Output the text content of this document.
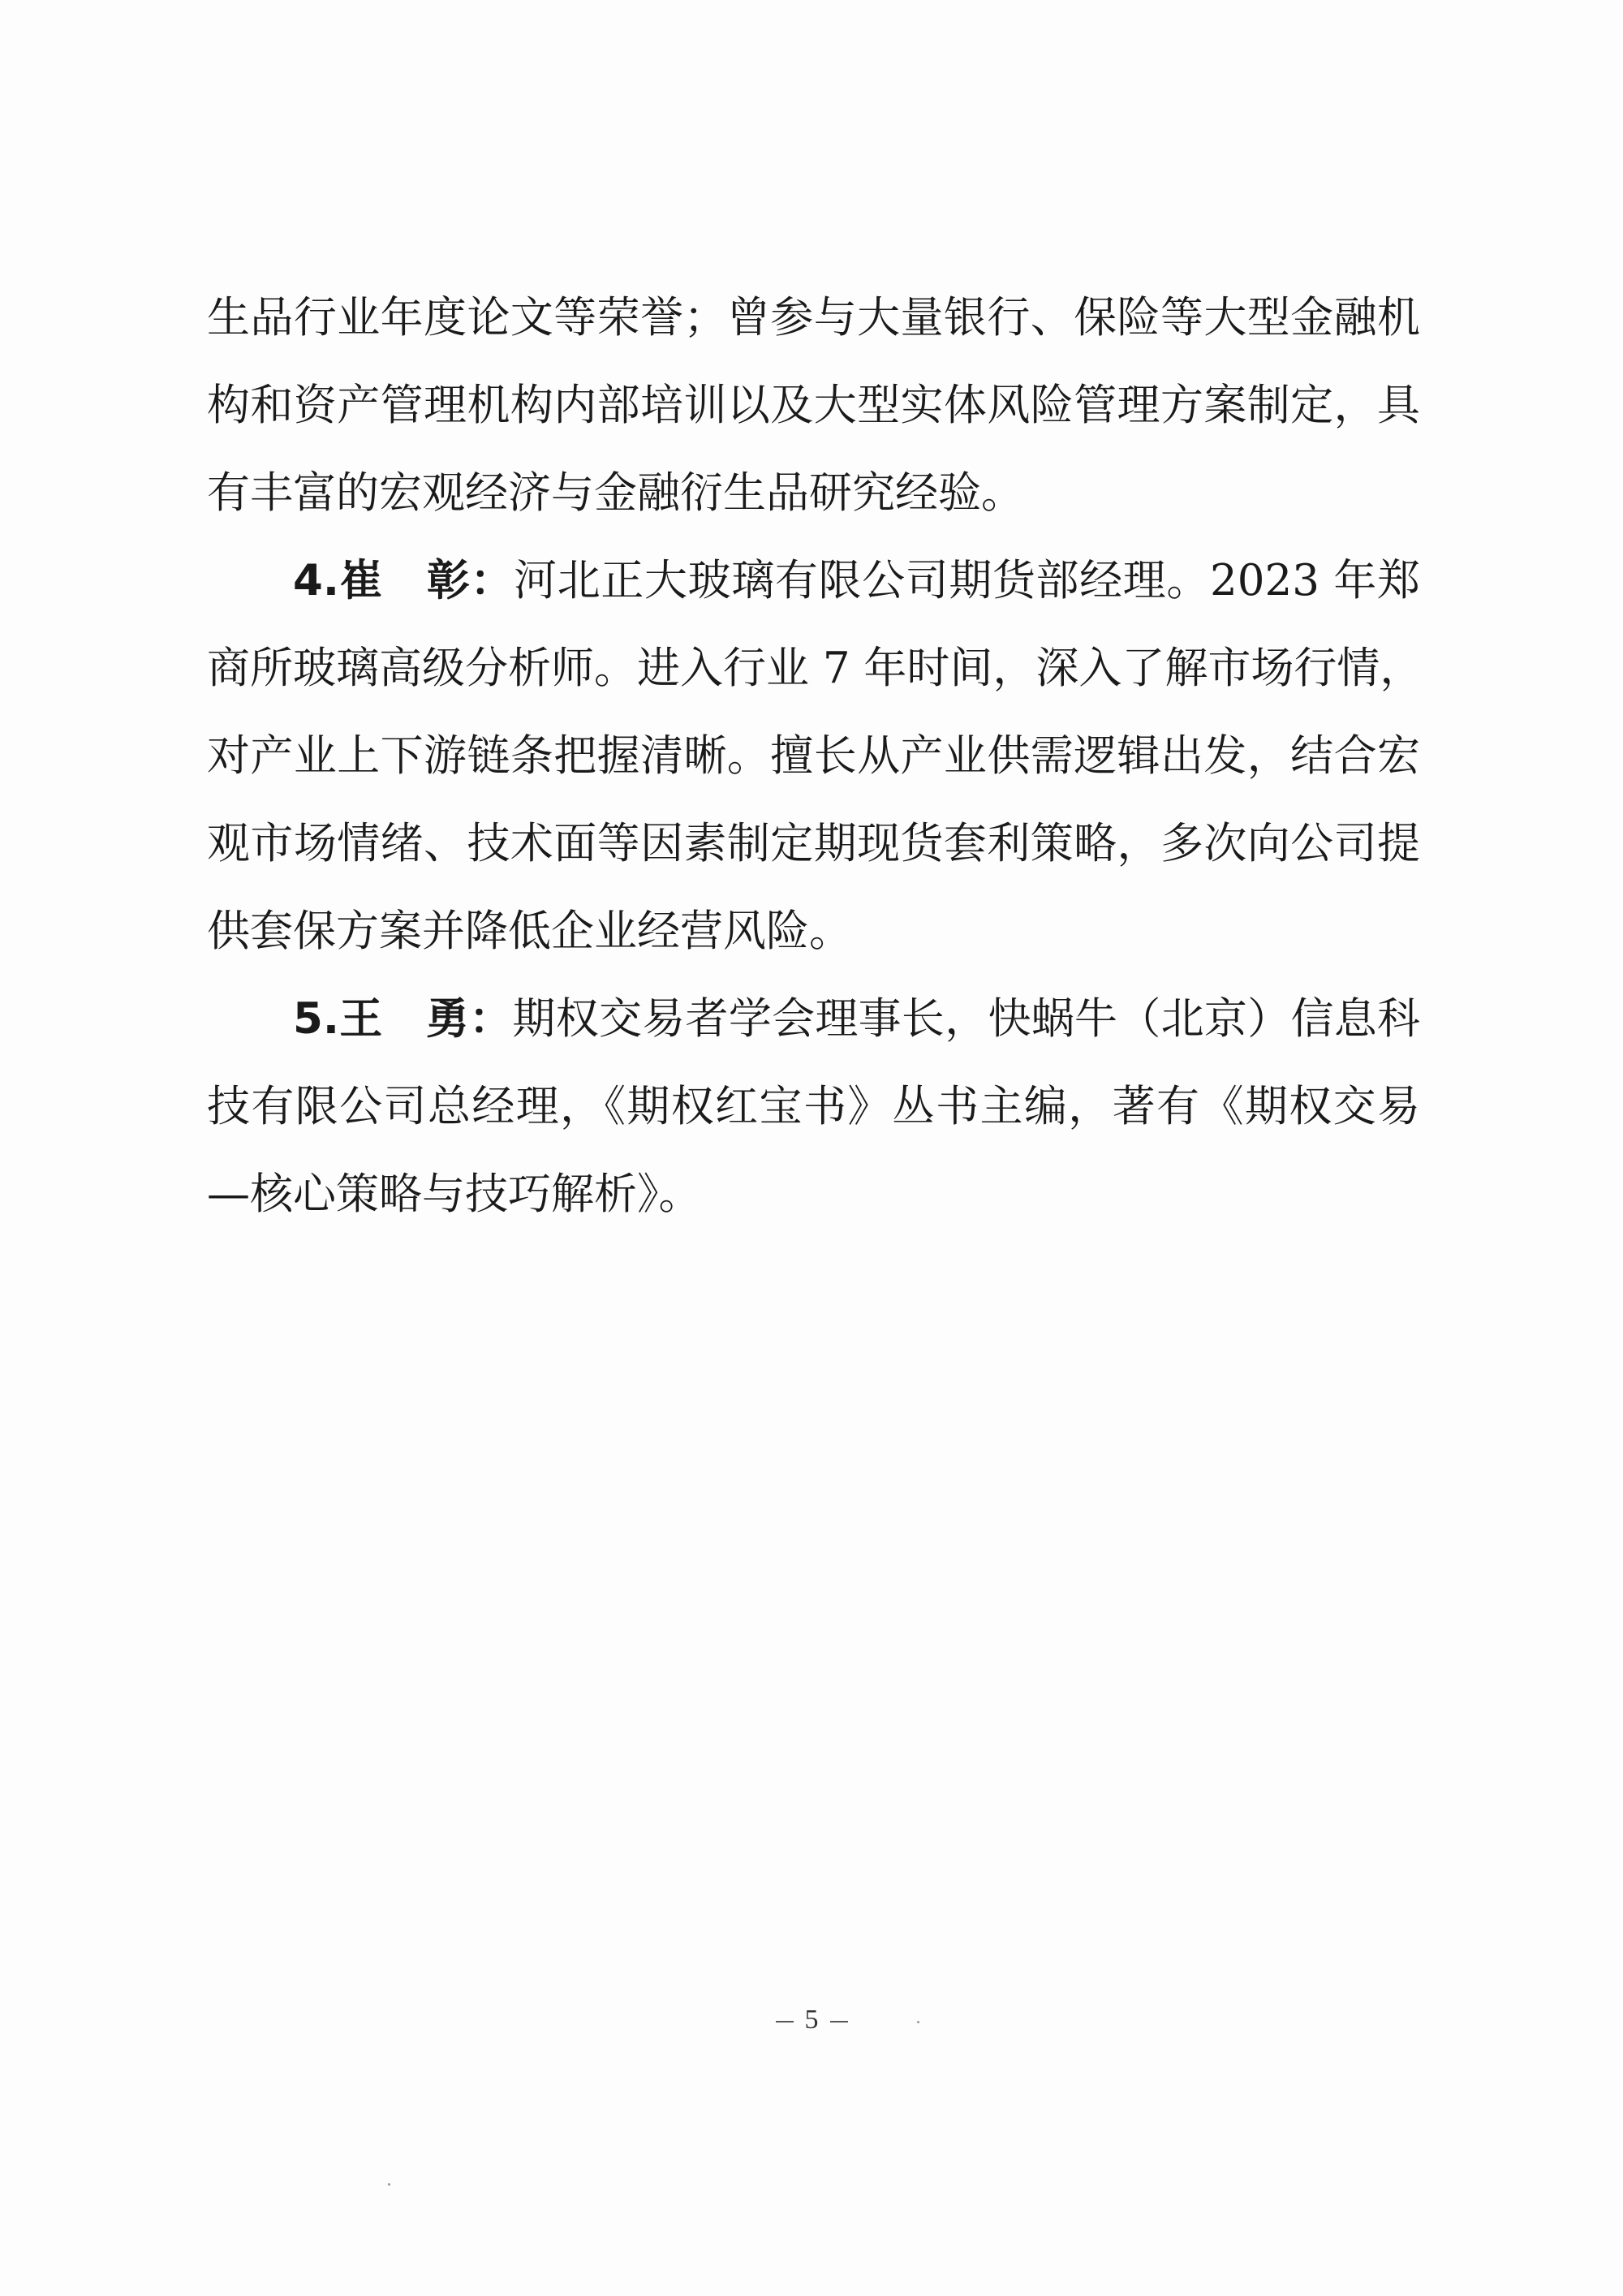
生品行业年度论文等荣誉；曾参与大量银行、保险等大型金融机
构和资产管理机构内部培训以及大型实体风险管理方案制定，具
有丰富的宏观经济与金融衍生品研究经验。
4.崔 彰：河北正大玻璃有限公司期货部经理。2023 年郑
商所玻璃高级分析师。进入行业 7 年时间，深入了解市场行情，
对产业上下游链条把握清晰。擅长从产业供需逻辑出发，结合宏
观市场情绪、技术面等因素制定期现货套利策略，多次向公司提
供套保方案并降低企业经营风险。
5.王 勇：期权交易者学会理事长，快蜗牛（北京）信息科
技有限公司总经理，《期权红宝书》丛书主编，著有《期权交易
—核心策略与技巧解析》。
5
